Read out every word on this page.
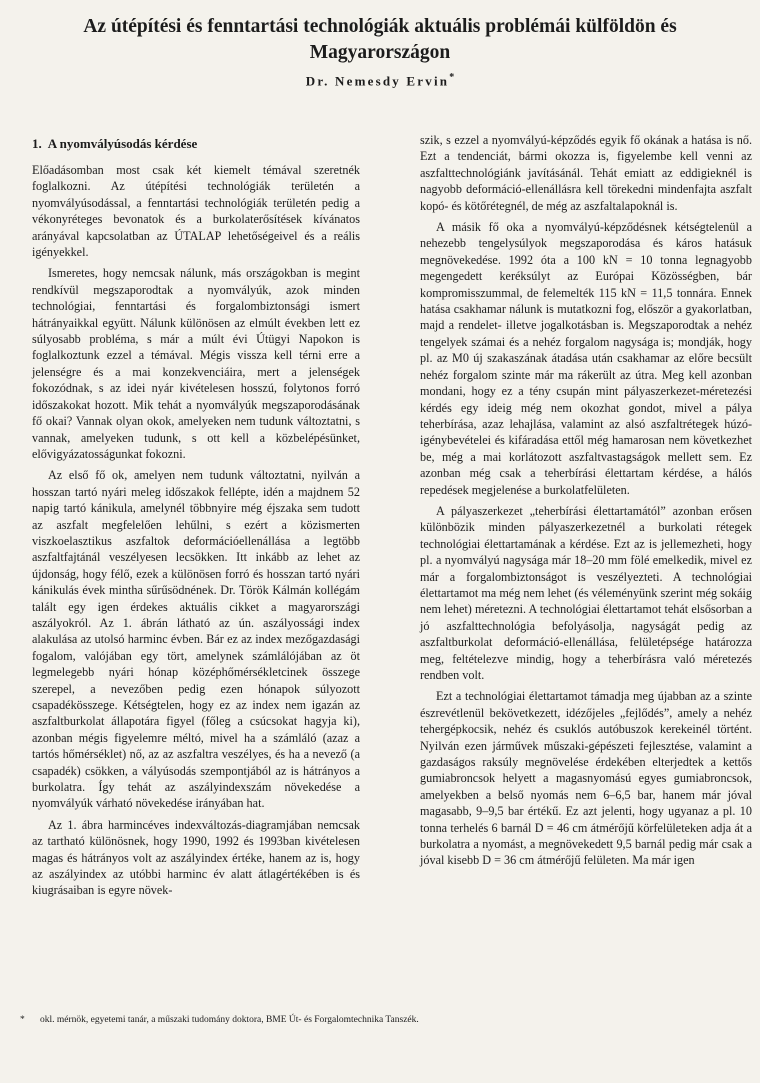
Az útépítési és fenntartási technológiák aktuális problémái külföldön és Magyarországon
Dr. Nemesdy Ervin*
1. A nyomvályúsodás kérdése

Előadásomban most csak két kiemelt témával szeretnék foglalkozni. Az útépítési technológiák területén a nyomvályúsodással, a fenntartási technológiák területén pedig a vékonyréteges bevonatok és a burkolaterősítések kívánatos arányával kapcsolatban az ÚTALAP lehetőségeivel és a reális igényekkel.

Ismeretes, hogy nemcsak nálunk, más országokban is megint rendkívül megszaporodtak a nyomvályúk, azok minden technológiai, fenntartási és forgalombiztonsági ismert hátrányaikkal együtt. Nálunk különösen az elmúlt években lett ez súlyosabb probléma, s már a múlt évi Útügyi Napokon is foglalkoztunk ezzel a témával. Mégis vissza kell térni erre a jelenségre és a mai konzekvenciáira, mert a jelenségek fokozódnak, s az idei nyár kivételesen hosszú, folytonos forró időszakokat hozott. Mik tehát a nyomvályúk megszaporodásának fő okai? Vannak olyan okok, amelyeken nem tudunk változtatni, s vannak, amelyeken tudunk, s ott kell a közbelépésünket, elővigyázatosságunkat fokozni.

Az első fő ok, amelyen nem tudunk változtatni, nyilván a hosszan tartó nyári meleg időszakok fellépte, idén a majdnem 52 napig tartó kánikula, amelynél többnyire még éjszaka sem tudott az aszfalt megfelelően lehűlni, s ezért a közismerten viszkoelasztikus aszfaltok deformációellenállása a legtöbb aszfaltfajtánál veszélyesen lecsökken. Itt inkább az lehet az újdonság, hogy félő, ezek a különösen forró és hosszan tartó nyári kánikulás évek mintha sűrűsödnének. Dr. Török Kálmán kollégám talált egy igen érdekes aktuális cikket a magyarországi aszályokról. Az 1. ábrán látható az ún. aszályossági index alakulása az utolsó harminc évben. Bár ez az index mezőgazdasági fogalom, valójában egy tört, amelynek számlálójában az öt legmelegebb nyári hónap középhőmérsékletcinek összege szerepel, a nevezőben pedig ezen hónapok súlyozott csapadékösszege. Kétségtelen, hogy ez az index nem igazán az aszfaltburkolat állapotára figyel (főleg a csúcsokat hagyja ki), azonban mégis figyelemre méltó, mivel ha a számláló (azaz a tartós hőmérséklet) nő, az az aszfaltra veszélyes, és ha a nevező (a csapadék) csökken, a vályúsodás szempontjából az is hátrányos a burkolatra. Így tehát az aszályindexszám növekedése a nyomvályúk várható növekedése irányában hat.

Az 1. ábra harmincéves indexváltozás-diagramjában nemcsak az tartható különösnek, hogy 1990, 1992 és 1993ban kivételesen magas és hátrányos volt az aszályindex értéke, hanem az is, hogy az aszályindex az utóbbi harminc év alatt átlagértékében is és kiugrásaiban is egyre növek-

szik, s ezzel a nyomvályú-képződés egyik fő okának a hatása is nő. Ezt a tendenciát, bármi okozza is, figyelembe kell venni az aszfalttechnológiánk javításánál. Tehát emiatt az eddigieknél is nagyobb deformáció-ellenállásra kell törekedni mindenfajta aszfalt kopó- és kötőrétegnél, de még az aszfaltalapoknál is.

A másik fő oka a nyomvályú-képződésnek kétségtelenül a nehezebb tengelysúlyok megszaporodása és káros hatásuk megnövekedése. 1992 óta a 100 kN = 10 tonna legnagyobb megengedett keréksúlyt az Európai Közösségben, bár kompromisszummal, de felemelték 115 kN = 11,5 tonnára. Ennek hatása csakhamar nálunk is mutatkozni fog, először a gyakorlatban, majd a rendelet- illetve jogalkotásban is. Megszaporodtak a nehéz tengelyek számai és a nehéz forgalom nagysága is; mondják, hogy pl. az M0 új szakaszának átadása után csakhamar az előre becsült nehéz forgalom szinte már ma rákerült az útra. Meg kell azonban mondani, hogy ez a tény csupán mint pályaszerkezet-méretezési kérdés egy ideig még nem okozhat gondot, mivel a pálya teherbírása, azaz lehajlása, valamint az alsó aszfaltrétegek húzó-igénybevételei és kifáradása ettől még hamarosan nem következhet be, még a mai korlátozott aszfaltvastagságok mellett sem. Ez azonban még csak a teherbírási élettartam kérdése, a hálós repedések megjelenése a burkolatfelületen.

A pályaszerkezet „teherbírási élettartamától” azonban erősen különbözik minden pályaszerkezetnél a burkolati rétegek technológiai élettartamának a kérdése. Ezt az is jellemezheti, hogy pl. a nyomvályú nagysága már 18–20 mm fölé emelkedik, mivel ez már a forgalombiztonságot is veszélyezteti. A technológiai élettartamot ma még nem lehet (és véleményünk szerint még sokáig nem lehet) méretezni. A technológiai élettartamot tehát elsősorban a jó aszfalttechnológia befolyásolja, nagyságát pedig az aszfaltburkolat deformáció-ellenállása, felületépsége határozza meg, feltételezve mindig, hogy a teherbírásra való méretezés rendben volt.

Ezt a technológiai élettartamot támadja meg újabban az a szinte észrevétlenül bekövetkezett, idézőjeles „fejlődés”, amely a nehéz tehergépkocsik, nehéz és csuklós autóbuszok kerekeinél történt. Nyilván ezen járművek műszaki-gépészeti fejlesztése, valamint a gazdaságos raksúly megnövelése érdekében elterjedtek a kettős gumiabroncsok helyett a magasnyomású egyes gumiabroncsok, amelyekben a belső nyomás nem 6–6,5 bar, hanem már jóval magasabb, 9–9,5 bar értékű. Ez azt jelenti, hogy ugyanaz a pl. 10 tonna terhelés 6 barnál D = 46 cm átmérőjű körfelületeken adja át a burkolatra a nyomást, a megnövekedett 9,5 barnál pedig már csak a jóval kisebb D = 36 cm átmérőjű felületen. Ma már igen

* okl. mérnök, egyetemi tanár, a műszaki tudomány doktora, BME Út- és Forgalomtechnika Tanszék.
